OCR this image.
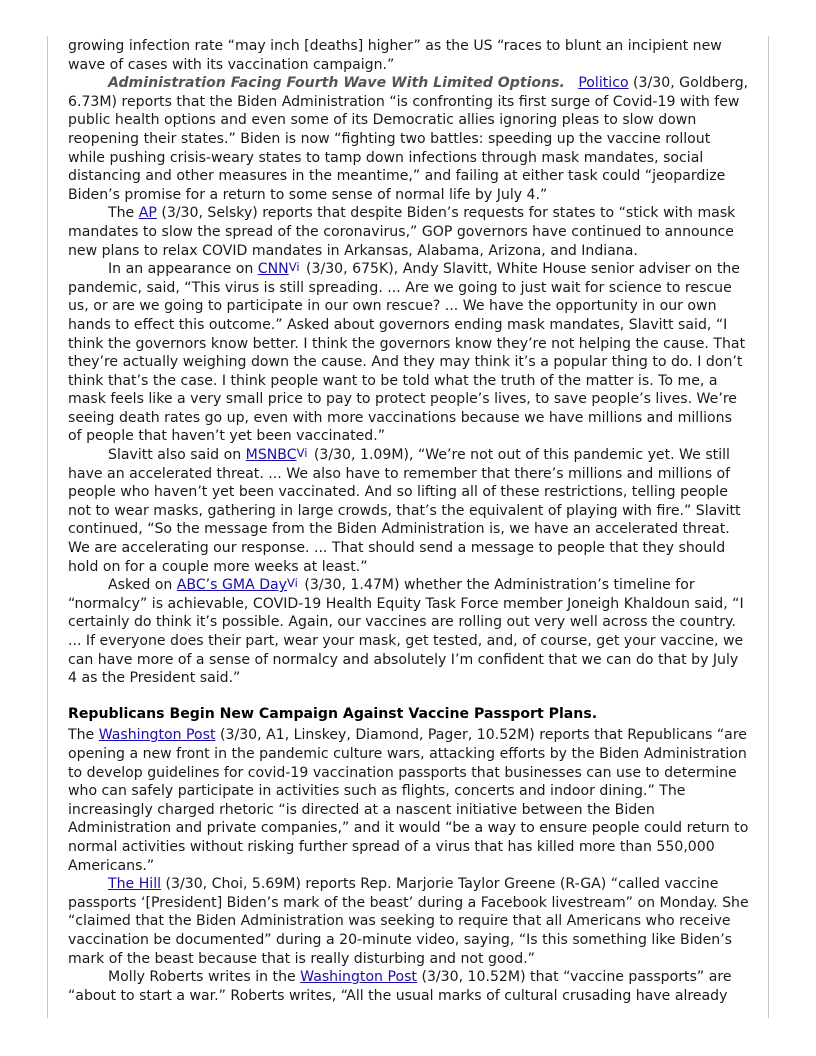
growing infection rate “may inch [deaths] higher” as the US “races to blunt an incipient new wave of cases with its vaccination campaign.”

Administration Facing Fourth Wave With Limited Options. Politico (3/30, Goldberg, 6.73M) reports that the Biden Administration “is confronting its first surge of Covid-19 with few public health options and even some of its Democratic allies ignoring pleas to slow down reopening their states.” Biden is now “fighting two battles: speeding up the vaccine rollout while pushing crisis-weary states to tamp down infections through mask mandates, social distancing and other measures in the meantime,” and failing at either task could “jeopardize Biden’s promise for a return to some sense of normal life by July 4.”

The AP (3/30, Selsky) reports that despite Biden’s requests for states to “stick with mask mandates to slow the spread of the coronavirus,” GOP governors have continued to announce new plans to relax COVID mandates in Arkansas, Alabama, Arizona, and Indiana.

In an appearance on CNN$^{Vi}$ (3/30, 675K), Andy Slavitt, White House senior adviser on the pandemic, said, “This virus is still spreading. ... Are we going to just wait for science to rescue us, or are we going to participate in our own rescue? ... We have the opportunity in our own hands to effect this outcome.” Asked about governors ending mask mandates, Slavitt said, “I think the governors know better. I think the governors know they’re not helping the cause. That they’re actually weighing down the cause. And they may think it’s a popular thing to do. I don’t think that’s the case. I think people want to be told what the truth of the matter is. To me, a mask feels like a very small price to pay to protect people’s lives, to save people’s lives. We’re seeing death rates go up, even with more vaccinations because we have millions and millions of people that haven’t yet been vaccinated.”

Slavitt also said on MSNBC$^{Vi}$ (3/30, 1.09M), “We’re not out of this pandemic yet. We still have an accelerated threat. ... We also have to remember that there’s millions and millions of people who haven’t yet been vaccinated. And so lifting all of these restrictions, telling people not to wear masks, gathering in large crowds, that’s the equivalent of playing with fire.” Slavitt continued, “So the message from the Biden Administration is, we have an accelerated threat. We are accelerating our response. ... That should send a message to people that they should hold on for a couple more weeks at least.”

Asked on ABC’s GMA Day$^{Vi}$ (3/30, 1.47M) whether the Administration’s timeline for “normalcy” is achievable, COVID-19 Health Equity Task Force member Joneigh Khaldoun said, “I certainly do think it’s possible. Again, our vaccines are rolling out very well across the country. ... If everyone does their part, wear your mask, get tested, and, of course, get your vaccine, we can have more of a sense of normalcy and absolutely I’m confident that we can do that by July 4 as the President said.”

Republicans Begin New Campaign Against Vaccine Passport Plans.

The Washington Post (3/30, A1, Linskey, Diamond, Pager, 10.52M) reports that Republicans “are opening a new front in the pandemic culture wars, attacking efforts by the Biden Administration to develop guidelines for covid-19 vaccination passports that businesses can use to determine who can safely participate in activities such as flights, concerts and indoor dining.” The increasingly charged rhetoric “is directed at a nascent initiative between the Biden Administration and private companies,” and it would “be a way to ensure people could return to normal activities without risking further spread of a virus that has killed more than 550,000 Americans.”

The Hill (3/30, Choi, 5.69M) reports Rep. Marjorie Taylor Greene (R-GA) “called vaccine passports ‘[President] Biden’s mark of the beast’ during a Facebook livestream” on Monday. She “claimed that the Biden Administration was seeking to require that all Americans who receive vaccination be documented” during a 20-minute video, saying, “Is this something like Biden’s mark of the beast because that is really disturbing and not good.”

Molly Roberts writes in the Washington Post (3/30, 10.52M) that “vaccine passports” are “about to start a war.” Roberts writes, “All the usual marks of cultural crusading have already
